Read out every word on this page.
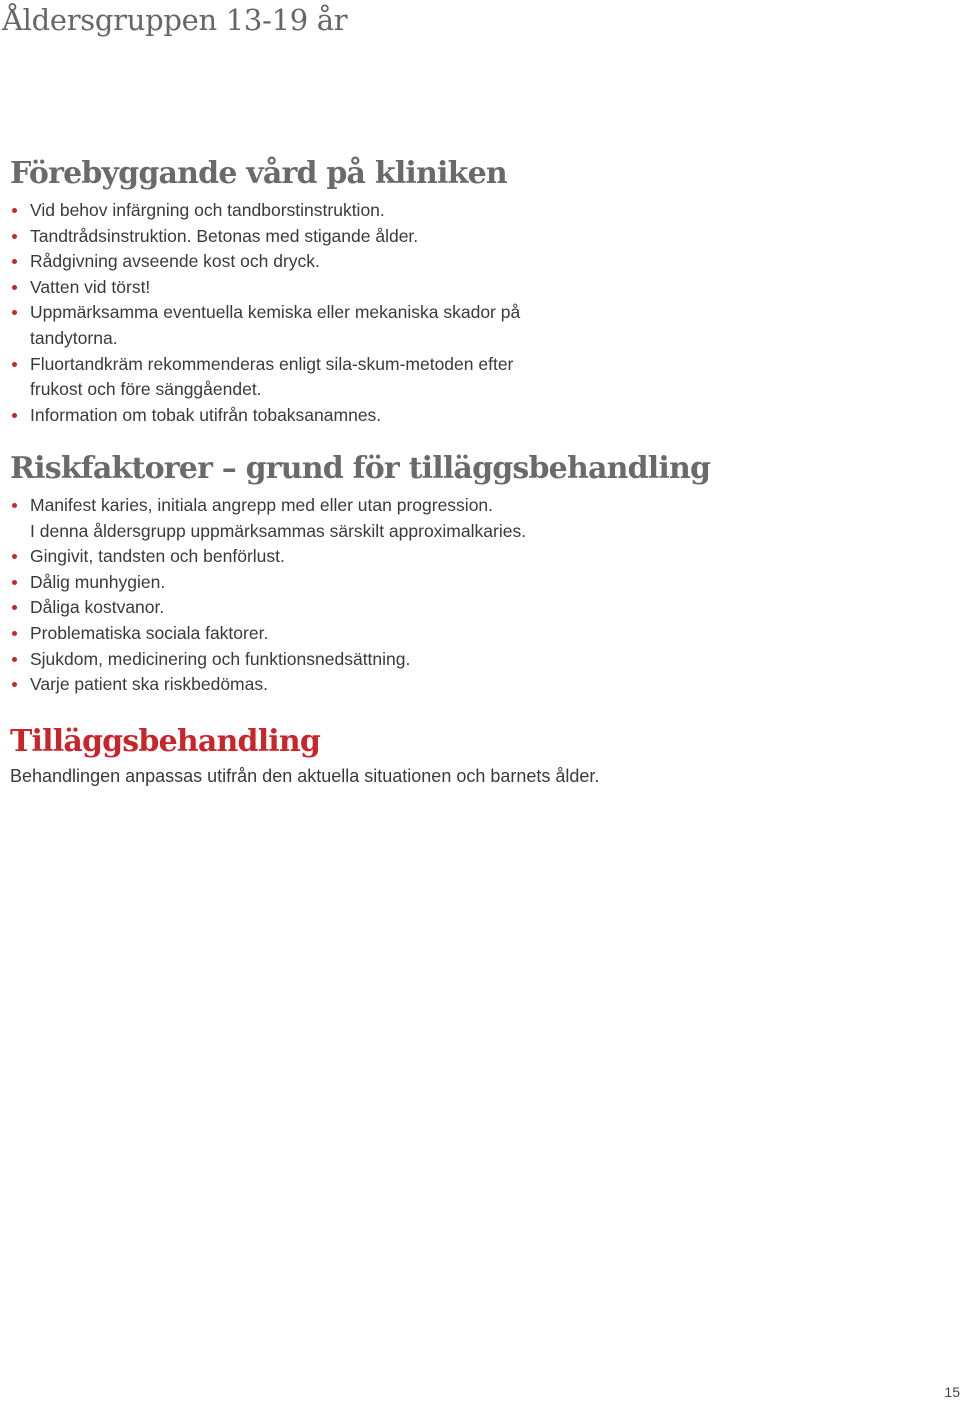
Åldersgruppen 13-19 år
Förebyggande vård på kliniken
Vid behov infärgning och tandborstinstruktion.
Tandtrådsinstruktion. Betonas med stigande ålder.
Rådgivning avseende kost och dryck.
Vatten vid törst!
Uppmärksamma eventuella kemiska eller mekaniska skador på tandytorna.
Fluortandkräm rekommenderas enligt sila-skum-metoden efter frukost och före sänggåendet.
Information om tobak utifrån tobaksanamnes.
Riskfaktorer – grund för tilläggsbehandling
Manifest karies, initiala angrepp med eller utan progression.
I denna åldersgrupp uppmärksammas särskilt approximalkaries.
Gingivit, tandsten och benförlust.
Dålig munhygien.
Dåliga kostvanor.
Problematiska sociala faktorer.
Sjukdom, medicinering och funktionsnedsättning.
Varje patient ska riskbedömas.
Tilläggsbehandling

Behandlingen anpassas utifrån den aktuella situationen och barnets ålder.

15
